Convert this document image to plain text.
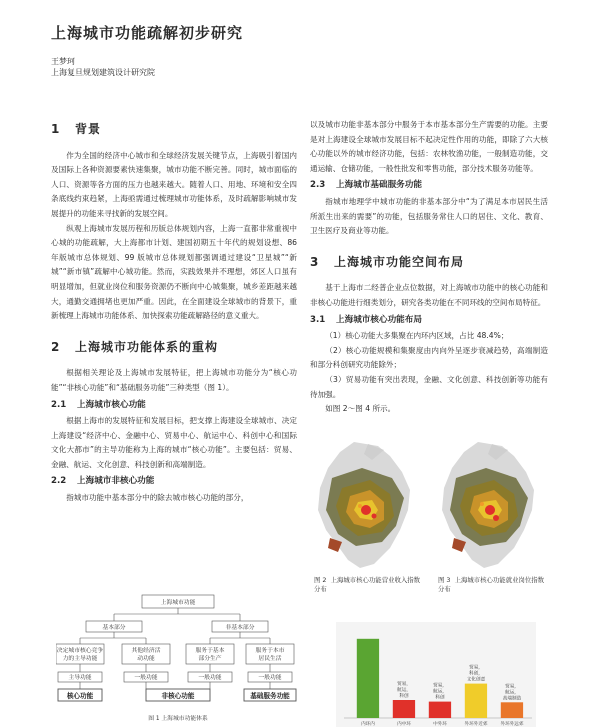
上海城市功能疏解初步研究
王梦珂
上海复旦规划建筑设计研究院
1 背景
作为全国的经济中心城市和全球经济发展关键节点，上海吸引着国内及国际上各种资源要素快速集聚，城市功能不断完善。同时，城市面临的人口、资源等各方面的压力也越来越大。随着人口、用地、环境和安全四条底线约束趋紧，上海亟需通过梳理城市功能体系，及时疏解影响城市发展提升的功能来寻找新的发展空间。
纵观上海城市发展历程和历版总体规划内容，上海一直都非常重视中心城的功能疏解，大上海都市计划、建国初期五十年代的规划设想、86 年版城市总体规划、99 版城市总体规划都强调通过建设“卫星城”“新城”“新市镇”疏解中心城功能。然而，实践效果并不理想，郊区人口虽有明显增加，但就业岗位和服务资源仍不断向中心城集聚，城乡差距越来越大，通勤交通拥堵也更加严重。因此，在全面建设全球城市的背景下，重新梳理上海城市功能体系、加快探索功能疏解路径的意义重大。
2 上海城市功能体系的重构
根据相关理论及上海城市发展特征，把上海城市功能分为“核心功能”“非核心功能”和“基础服务功能”三种类型（图 1）。
2.1 上海城市核心功能
根据上海市的发展特征和发展目标，把支撑上海建设全球城市、决定上海建设“经济中心、金融中心、贸易中心、航运中心、科创中心和国际文化大都市”的主导功能称为上海的城市“核心功能”。主要包括：贸易、金融、航运、文化创意、科技创新和高端制造。
2.2 上海城市非核心功能
指城市功能中基本部分中的除去城市核心功能的部分，
上海城市功能
基本部分	非基本部分
决定城市核心竞争
力的主导功能
其他经济活
动功能
服务于基本
部分生产
服务于本市
居民生活
主导功能	一般功能	一般功能	一般功能
核心功能	非核心功能	基础服务功能
图 1 上海城市功能体系
以及城市功能非基本部分中服务于本市基本部分生产需要的功能。主要是对上海建设全球城市发展目标不起决定性作用的功能，即除了六大核心功能以外的城市经济功能，包括：农林牧渔功能，一般制造功能，交通运输、仓储功能，一般性批发和零售功能，部分技术服务功能等。
2.3 上海城市基础服务功能
指城市地理学中城市功能的非基本部分中“为了满足本市居民生活所派生出来的需要”的功能，包括服务常住人口的居住、文化、教育、卫生医疗及商业等功能。
3 上海城市功能空间布局
基于上海市二经普企业点位数据，对上海城市功能中的核心功能和非核心功能进行细类划分，研究各类功能在不同环线的空间布局特征。
3.1 上海城市核心功能布局
（1）核心功能大多集聚在内环内区域，占比 48.4%；
（2）核心功能规模和集聚度由内向外呈逐步衰减趋势，高端制造和部分科创研究功能除外；
（3）贸易功能有突出表现，金融、文化创意、科技创新等功能有待加强。
如图 2～图 4 所示。
图 2 上海城市核心功能营业收入指数分布
图 3 上海城市核心功能就业岗位指数分布
内环内
贸易，
航运，
科创
内中环
贸易，
航运，
科创
中外环
贸易，
科创，
文化创意
外环外近郊
贸易，
航运，
高端制造
外环外远郊
